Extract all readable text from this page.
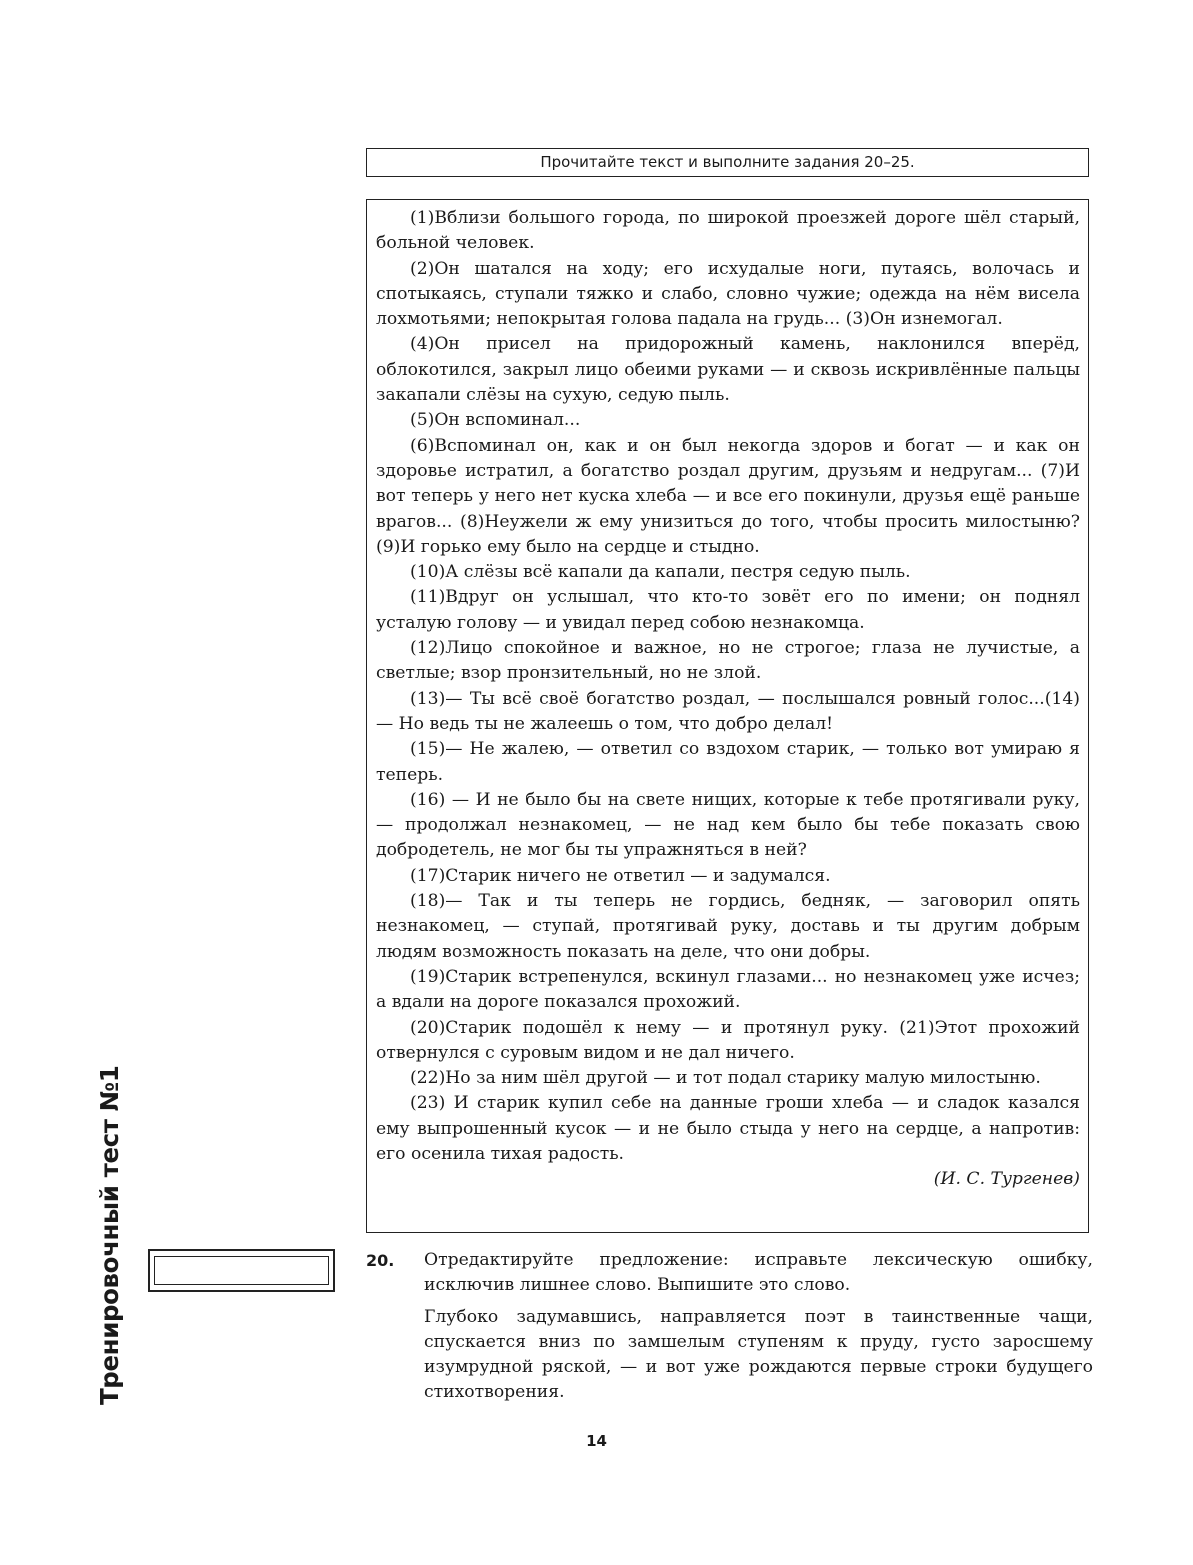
Прочитайте текст и выполните задания 20–25.

(1)Вблизи большого города, по широкой проезжей дороге шёл старый, больной человек.

(2)Он шатался на ходу; его исхудалые ноги, путаясь, волочась и спотыкаясь, ступали тяжко и слабо, словно чужие; одежда на нём висела лохмотьями; непокрытая голова падала на грудь... (3)Он изнемогал.

(4)Он присел на придорожный камень, наклонился вперёд, облокотился, закрыл лицо обеими руками — и сквозь искривлённые пальцы закапали слёзы на сухую, седую пыль.

(5)Он вспоминал...

(6)Вспоминал он, как и он был некогда здоров и богат — и как он здоровье истратил, а богатство роздал другим, друзьям и недругам... (7)И вот теперь у него нет куска хлеба — и все его покинули, друзья ещё раньше врагов... (8)Неужели ж ему унизиться до того, чтобы просить милостыню? (9)И горько ему было на сердце и стыдно.

(10)А слёзы всё капали да капали, пестря седую пыль.

(11)Вдруг он услышал, что кто-то зовёт его по имени; он поднял усталую голову — и увидал перед собою незнакомца.

(12)Лицо спокойное и важное, но не строгое; глаза не лучистые, а светлые; взор пронзительный, но не злой.

(13)— Ты всё своё богатство роздал, — послышался ровный голос...(14)— Но ведь ты не жалеешь о том, что добро делал!

(15)— Не жалею, — ответил со вздохом старик, — только вот умираю я теперь.

(16) — И не было бы на свете нищих, которые к тебе протягивали руку, — продолжал незнакомец, — не над кем было бы тебе показать свою добродетель, не мог бы ты упражняться в ней?

(17)Старик ничего не ответил — и задумался.

(18)— Так и ты теперь не гордись, бедняк, — заговорил опять незнакомец, — ступай, протягивай руку, доставь и ты другим добрым людям возможность показать на деле, что они добры.

(19)Старик встрепенулся, вскинул глазами... но незнакомец уже исчез; а вдали на дороге показался прохожий.

(20)Старик подошёл к нему — и протянул руку. (21)Этот прохожий отвернулся с суровым видом и не дал ничего.

(22)Но за ним шёл другой — и тот подал старику малую милостыню.

(23) И старик купил себе на данные гроши хлеба — и сладок казался ему выпрошенный кусок — и не было стыда у него на сердце, а напротив: его осенила тихая радость.

(И. С. Тургенев)

20. Отредактируйте предложение: исправьте лексическую ошибку, исключив лишнее слово. Выпишите это слово.

Глубоко задумавшись, направляется поэт в таинственные чащи, спускается вниз по замшелым ступеням к пруду, густо заросшему изумрудной ряской, — и вот уже рождаются первые строки будущего стихотворения.

Тренировочный тест №1
14
